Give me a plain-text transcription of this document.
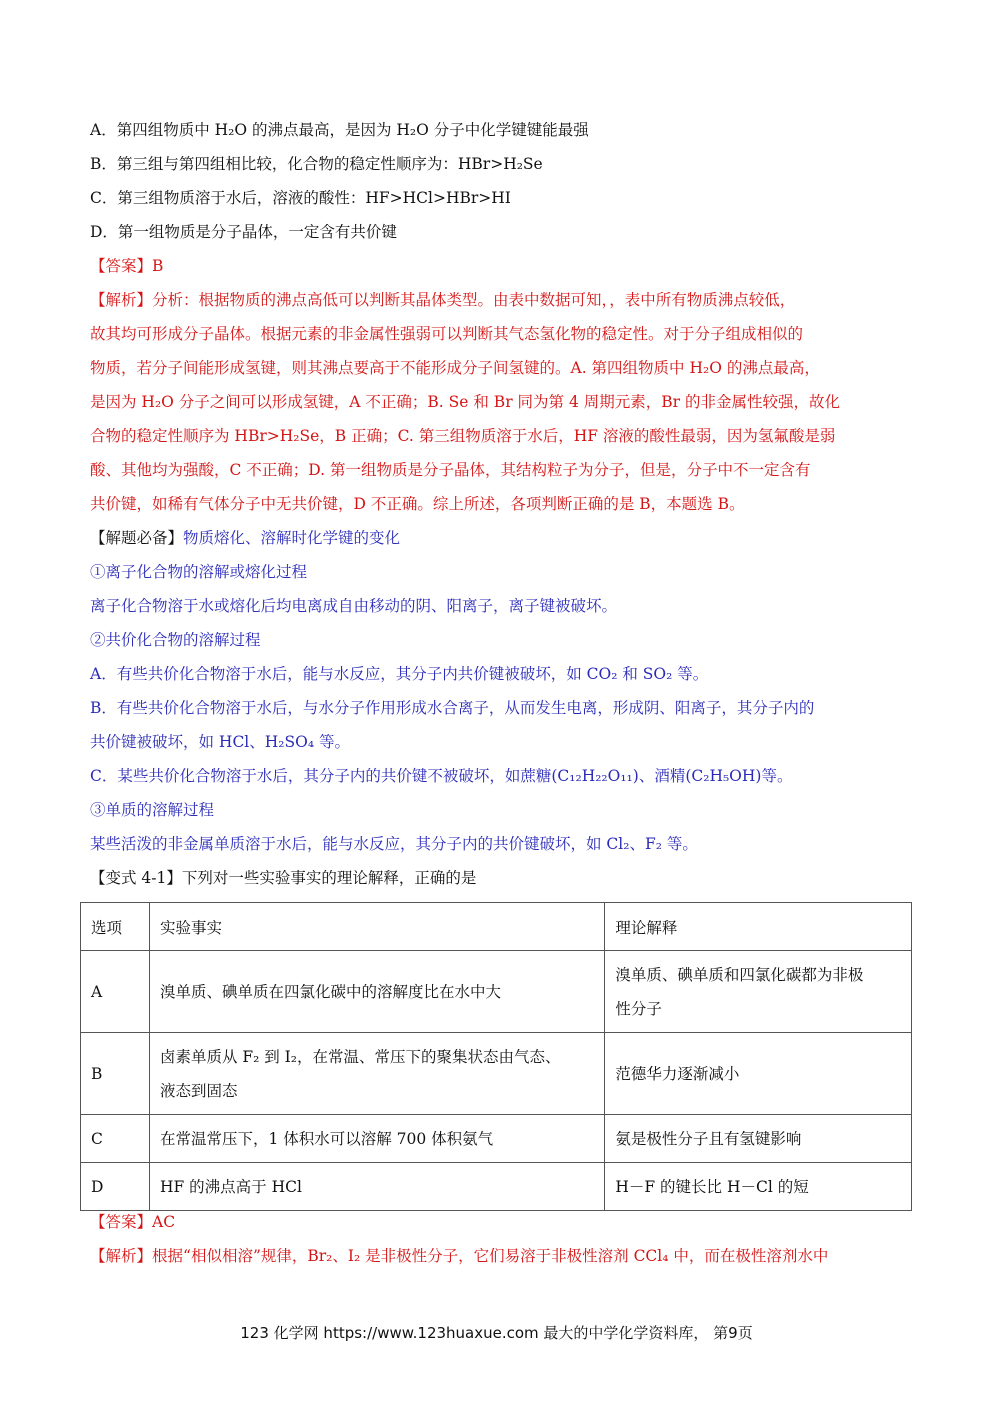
A．第四组物质中 H₂O 的沸点最高，是因为 H₂O 分子中化学键键能最强
B．第三组与第四组相比较，化合物的稳定性顺序为：HBr>H₂Se
C．第三组物质溶于水后，溶液的酸性：HF>HCl>HBr>HI
D．第一组物质是分子晶体，一定含有共价键
【答案】B
【解析】分析：根据物质的沸点高低可以判断其晶体类型。由表中数据可知，，表中所有物质沸点较低，
故其均可形成分子晶体。根据元素的非金属性强弱可以判断其气态氢化物的稳定性。对于分子组成相似的
物质，若分子间能形成氢键，则其沸点要高于不能形成分子间氢键的。A. 第四组物质中 H₂O 的沸点最高，
是因为 H₂O 分子之间可以形成氢键，A 不正确；B. Se 和 Br 同为第 4 周期元素，Br 的非金属性较强，故化
合物的稳定性顺序为 HBr>H₂Se，B 正确；C. 第三组物质溶于水后，HF 溶液的酸性最弱，因为氢氟酸是弱
酸、其他均为强酸，C 不正确；D. 第一组物质是分子晶体，其结构粒子为分子，但是，分子中不一定含有
共价键，如稀有气体分子中无共价键，D 不正确。综上所述，各项判断正确的是 B，本题选 B。
【解题必备】物质熔化、溶解时化学键的变化
①离子化合物的溶解或熔化过程
离子化合物溶于水或熔化后均电离成自由移动的阴、阳离子，离子键被破坏。
②共价化合物的溶解过程
A．有些共价化合物溶于水后，能与水反应，其分子内共价键被破坏，如 CO₂ 和 SO₂ 等。
B．有些共价化合物溶于水后，与水分子作用形成水合离子，从而发生电离，形成阴、阳离子，其分子内的
共价键被破坏，如 HCl、H₂SO₄ 等。
C．某些共价化合物溶于水后，其分子内的共价键不被破坏，如蔗糖(C₁₂H₂₂O₁₁)、酒精(C₂H₅OH)等。
③单质的溶解过程
某些活泼的非金属单质溶于水后，能与水反应，其分子内的共价键破坏，如 Cl₂、F₂ 等。
【变式 4-1】下列对一些实验事实的理论解释，正确的是
选项	实验事实	理论解释
A	溴单质、碘单质在四氯化碳中的溶解度比在水中大	溴单质、碘单质和四氯化碳都为非极
性分子

B	卤素单质从 F₂ 到 I₂，在常温、常压下的聚集状态由气态、
液态到固态	范德华力逐渐减小

C	在常温常压下，1 体积水可以溶解 700 体积氨气	氨是极性分子且有氢键影响

D	HF 的沸点高于 HCl	H－F 的键长比 H－Cl 的短
【答案】AC
【解析】根据“相似相溶”规律，Br₂、I₂ 是非极性分子，它们易溶于非极性溶剂 CCl₄ 中，而在极性溶剂水中
123 化学网 https://www.123huaxue.com 最大的中学化学资料库， 第9页
